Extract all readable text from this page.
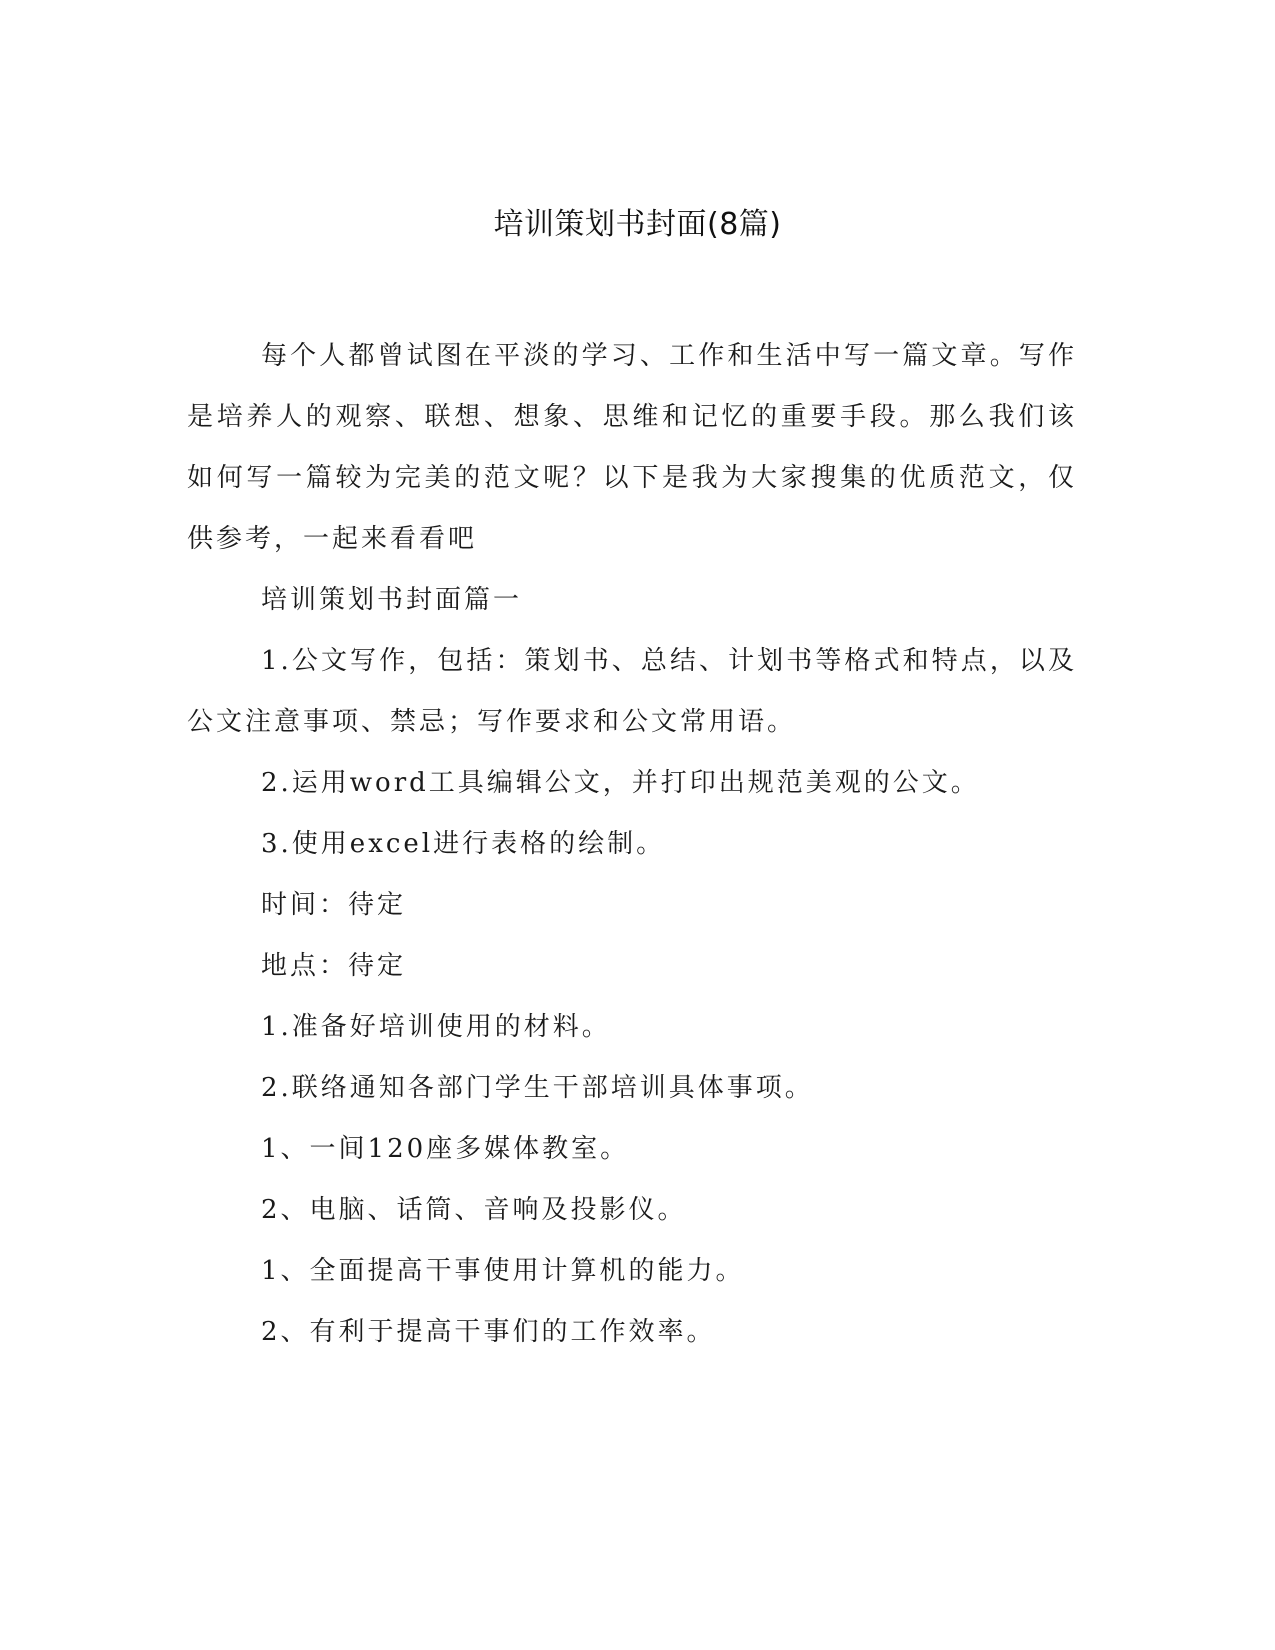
培训策划书封面(8篇)

每个人都曾试图在平淡的学习、工作和生活中写一篇文章。写作是培养人的观察、联想、想象、思维和记忆的重要手段。那么我们该如何写一篇较为完美的范文呢？以下是我为大家搜集的优质范文，仅供参考，一起来看看吧

培训策划书封面篇一

1.公文写作，包括：策划书、总结、计划书等格式和特点，以及公文注意事项、禁忌；写作要求和公文常用语。

2.运用word工具编辑公文，并打印出规范美观的公文。

3.使用excel进行表格的绘制。

时间：待定

地点：待定

1.准备好培训使用的材料。

2.联络通知各部门学生干部培训具体事项。

1、一间120座多媒体教室。

2、电脑、话筒、音响及投影仪。

1、全面提高干事使用计算机的能力。

2、有利于提高干事们的工作效率。
